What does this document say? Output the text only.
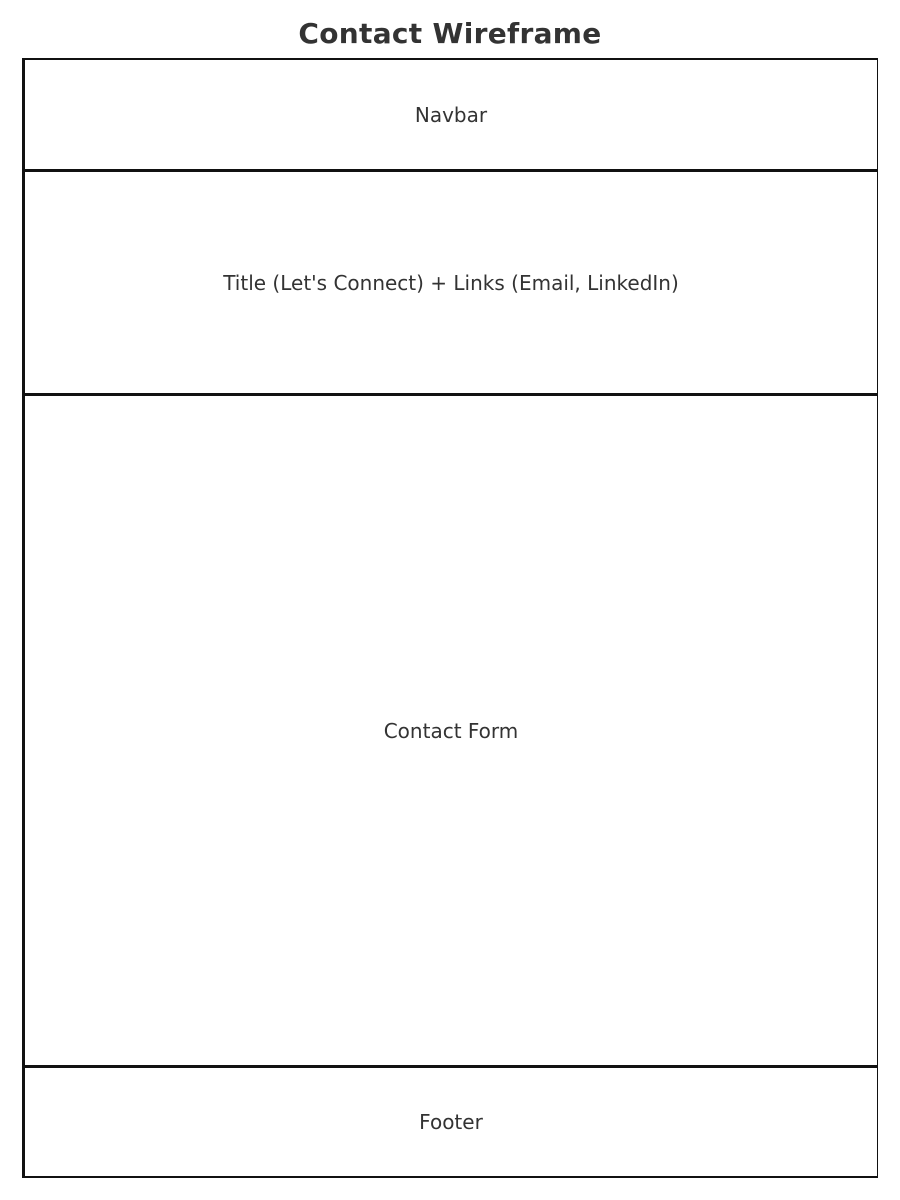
Contact Wireframe
Navbar
Title (Let's Connect) + Links (Email, LinkedIn)
Contact Form
Footer
